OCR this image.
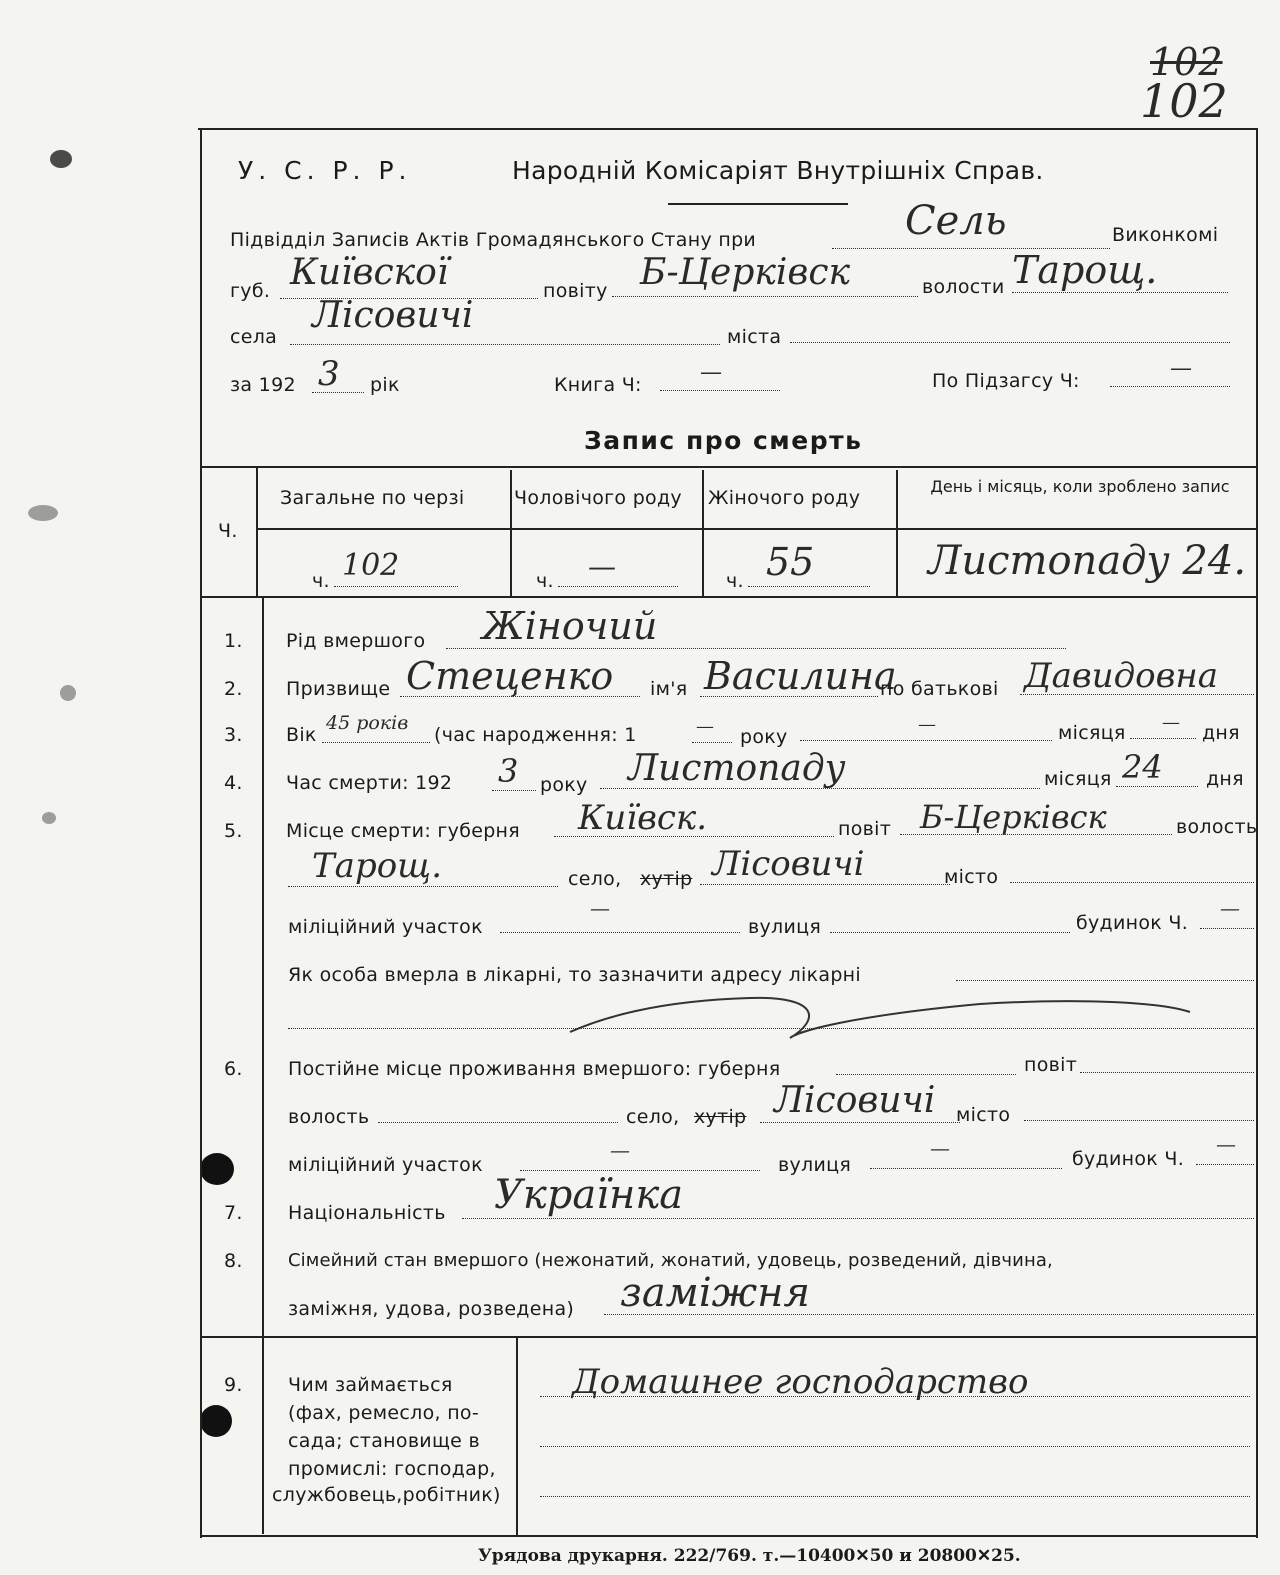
102
102
У. С. Р. Р.	Народній Комісаріят Внутрішніх Справ.
Підвідділ Записів Актів Громадянського Стану при	Сель	Виконкомі
губ. Київскої	повіту Б-Церківск	волости Тарощ.
села
Лісовичі
міста
за 192 3 рік	Книга Ч:	—	По Підзагсу Ч:	—
Запис про смерть
Ч.
Загальне по черзі	Чоловічого роду Жіночого роду
День і місяць, коли зроблено запис
ч. 102	ч. —	ч. 55	Листопаду 24.
1. Рід вмершого Жіночий
2. Призвище Стеценко ім'я Василина
по батькові Давидовна
3. Вік
45 років
(час народження: 1	— року
—	місяця — дня
4. Час смерти: 192 3 року Листопаду	місяця 24 дня
5. Місце смерти: губерня Київск.	повіт Б-Церківск	волость
Тарощ.	село, хутір Лісовичі	місто
міліційний участок
—
вулиця	будинок Ч.
—
Як особа вмерла в лікарні, то зазначити адресу лікарні
6. Постійне місце проживання вмершого: губерня	повіт
волость	село, хутір Лісовичі місто
міліційний участок
—
вулиця
—	будинок Ч.
—
7. Національність Українка
8.	Сімейний стан вмершого (нежонатий, жонатий, удовець, розведений, дівчина,
заміжня, удова, розведена) заміжня
9. Чим займається
(фах, ремесло, по-
сада; становище в
промислі: господар,
службовець,робітник)
Домашнее господарство
Урядова друкарня. 222/769. т.—10400✕50 и 20800✕25.
